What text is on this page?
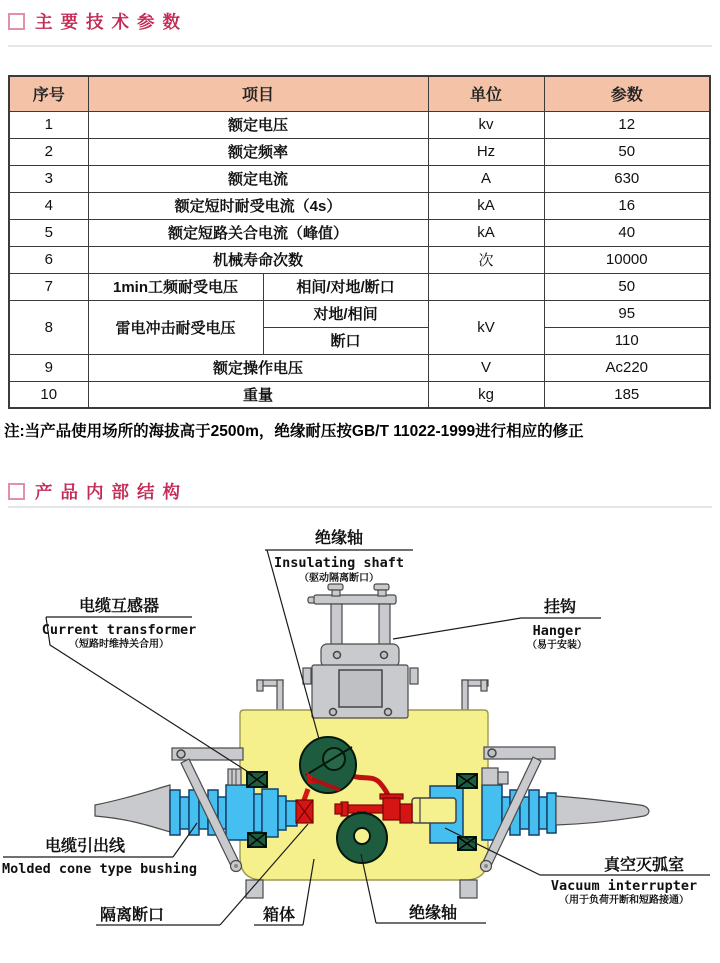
主要技术参数
序号	项目		单位	参数
1	额定电压		kv	12
2	额定频率		Hz	50
3	额定电流		A	630
4	额定短时耐受电流（4s）		kA	16
5	额定短路关合电流（峰值）		kA	40
6	机械寿命次数		次	10000
7	1min工频耐受电压	相间/对地/断口		50
8	雷电冲击耐受电压	对地/相间	kV	95
		断口		110
9	额定操作电压		V	Ac220
10	重量		kg	185
注:当产品使用场所的海拔高于2500m，绝缘耐压按GB/T 11022-1999进行相应的修正
产品内部结构
绝缘轴
Insulating shaft
（驱动隔离断口）
电缆互感器
Current transformer
（短路时维持关合用）
挂钩
Hanger
（易于安装）
电缆引出线
Molded cone type bushing	真空灭弧室
Vacuum interrupter
（用于负荷开断和短路接通）
隔离断口	箱体	绝缘轴
